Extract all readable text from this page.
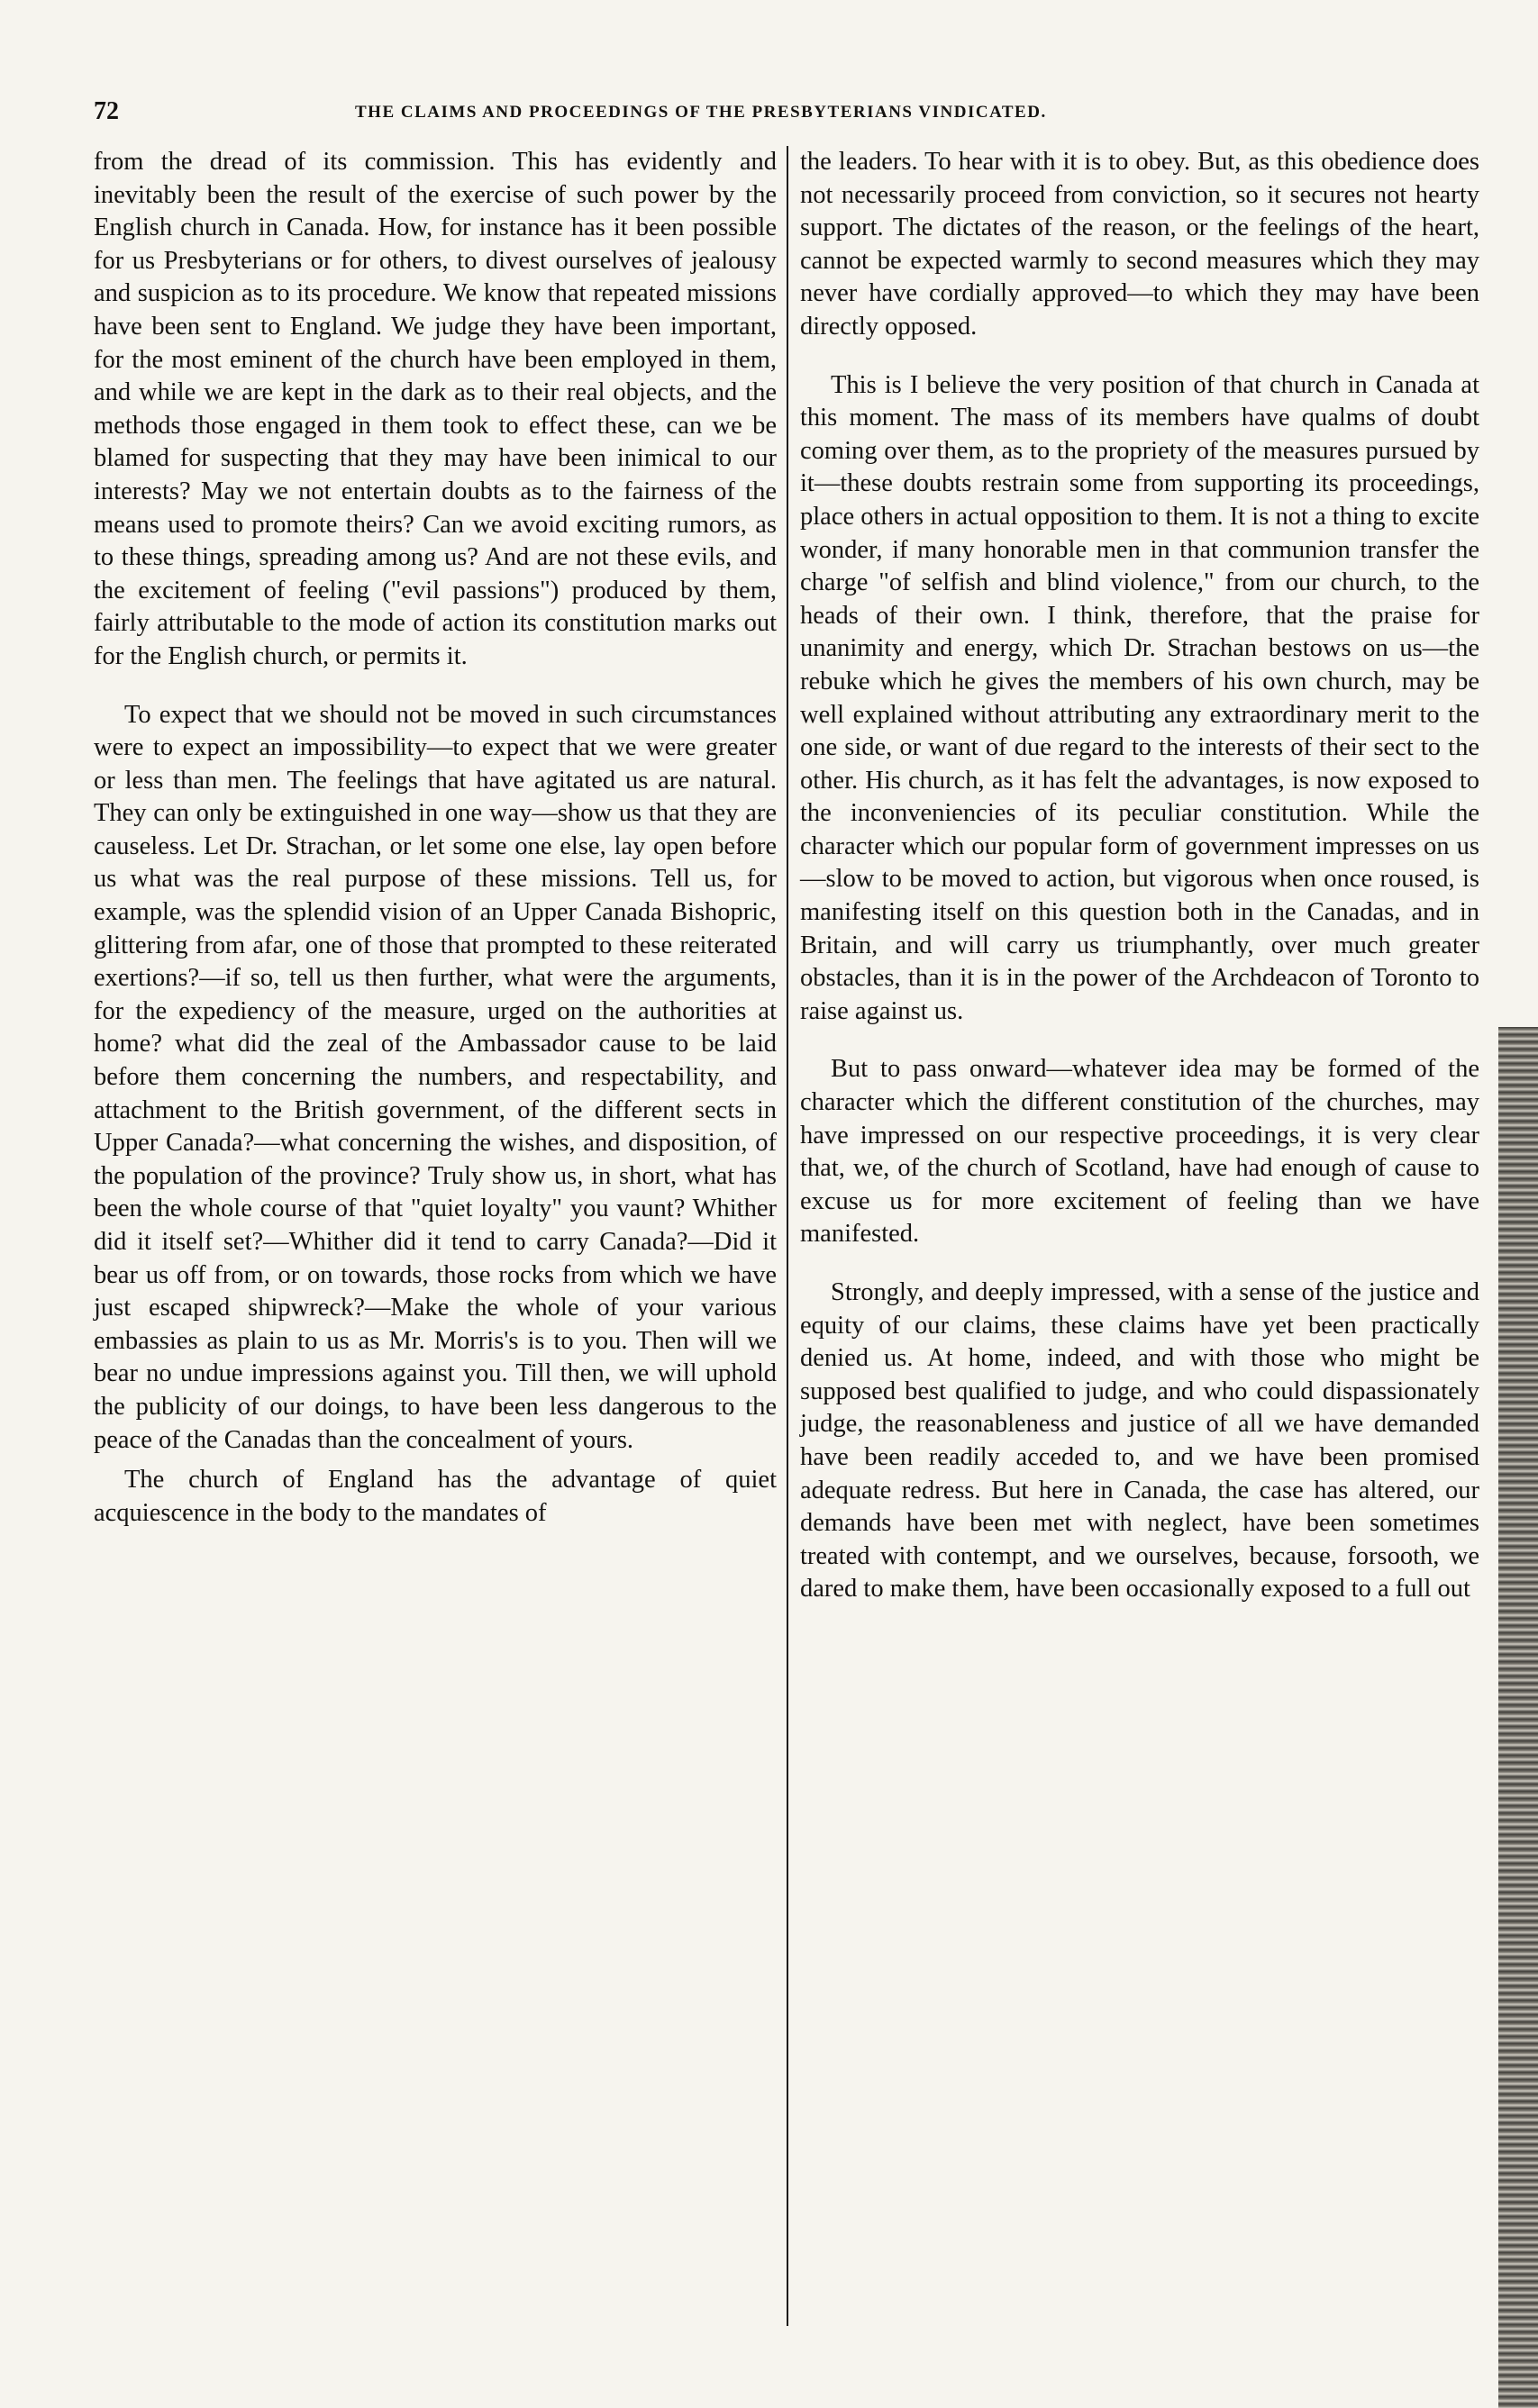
72	THE CLAIMS AND PROCEEDINGS OF THE PRESBYTERIANS VINDICATED.

from the dread of its commission. This has evidently and inevitably been the result of the exercise of such power by the English church in Canada. How, for instance has it been possible for us Presbyterians or for others, to divest ourselves of jealousy and suspicion as to its procedure. We know that repeated missions have been sent to England. We judge they have been important, for the most eminent of the church have been employed in them, and while we are kept in the dark as to their real objects, and the methods those engaged in them took to effect these, can we be blamed for suspecting that they may have been inimical to our interests? May we not entertain doubts as to the fairness of the means used to promote theirs? Can we avoid exciting rumors, as to these things, spreading among us? And are not these evils, and the excitement of feeling ("evil passions") produced by them, fairly attributable to the mode of action its constitution marks out for the English church, or permits it.

To expect that we should not be moved in such circumstances were to expect an impossibility—to expect that we were greater or less than men. The feelings that have agitated us are natural. They can only be extinguished in one way—show us that they are causeless. Let Dr. Strachan, or let some one else, lay open before us what was the real purpose of these missions. Tell us, for example, was the splendid vision of an Upper Canada Bishopric, glittering from afar, one of those that prompted to these reiterated exertions?—if so, tell us then further, what were the arguments, for the expediency of the measure, urged on the authorities at home? what did the zeal of the Ambassador cause to be laid before them concerning the numbers, and respectability, and attachment to the British government, of the different sects in Upper Canada?—what concerning the wishes, and disposition, of the population of the province? Truly show us, in short, what has been the whole course of that "quiet loyalty" you vaunt? Whither did it itself set?—Whither did it tend to carry Canada?—Did it bear us off from, or on towards, those rocks from which we have just escaped shipwreck?—Make the whole of your various embassies as plain to us as Mr. Morris's is to you. Then will we bear no undue impressions against you. Till then, we will uphold the publicity of our doings, to have been less dangerous to the peace of the Canadas than the concealment of yours.

The church of England has the advantage of quiet acquiescence in the body to the mandates of

the leaders. To hear with it is to obey. But, as this obedience does not necessarily proceed from conviction, so it secures not hearty support. The dictates of the reason, or the feelings of the heart, cannot be expected warmly to second measures which they may never have cordially approved—to which they may have been directly opposed.

This is I believe the very position of that church in Canada at this moment. The mass of its members have qualms of doubt coming over them, as to the propriety of the measures pursued by it—these doubts restrain some from supporting its proceedings, place others in actual opposition to them. It is not a thing to excite wonder, if many honorable men in that communion transfer the charge "of selfish and blind violence," from our church, to the heads of their own. I think, therefore, that the praise for unanimity and energy, which Dr. Strachan bestows on us—the rebuke which he gives the members of his own church, may be well explained without attributing any extraordinary merit to the one side, or want of due regard to the interests of their sect to the other. His church, as it has felt the advantages, is now exposed to the inconveniencies of its peculiar constitution. While the character which our popular form of government impresses on us—slow to be moved to action, but vigorous when once roused, is manifesting itself on this question both in the Canadas, and in Britain, and will carry us triumphantly, over much greater obstacles, than it is in the power of the Archdeacon of Toronto to raise against us.

But to pass onward—whatever idea may be formed of the character which the different constitution of the churches, may have impressed on our respective proceedings, it is very clear that, we, of the church of Scotland, have had enough of cause to excuse us for more excitement of feeling than we have manifested.

Strongly, and deeply impressed, with a sense of the justice and equity of our claims, these claims have yet been practically denied us. At home, indeed, and with those who might be supposed best qualified to judge, and who could dispassionately judge, the reasonableness and justice of all we have demanded have been readily acceded to, and we have been promised adequate redress. But here in Canada, the case has altered, our demands have been met with neglect, have been sometimes treated with contempt, and we ourselves, because, forsooth, we dared to make them, have been occasionally exposed to a full out
